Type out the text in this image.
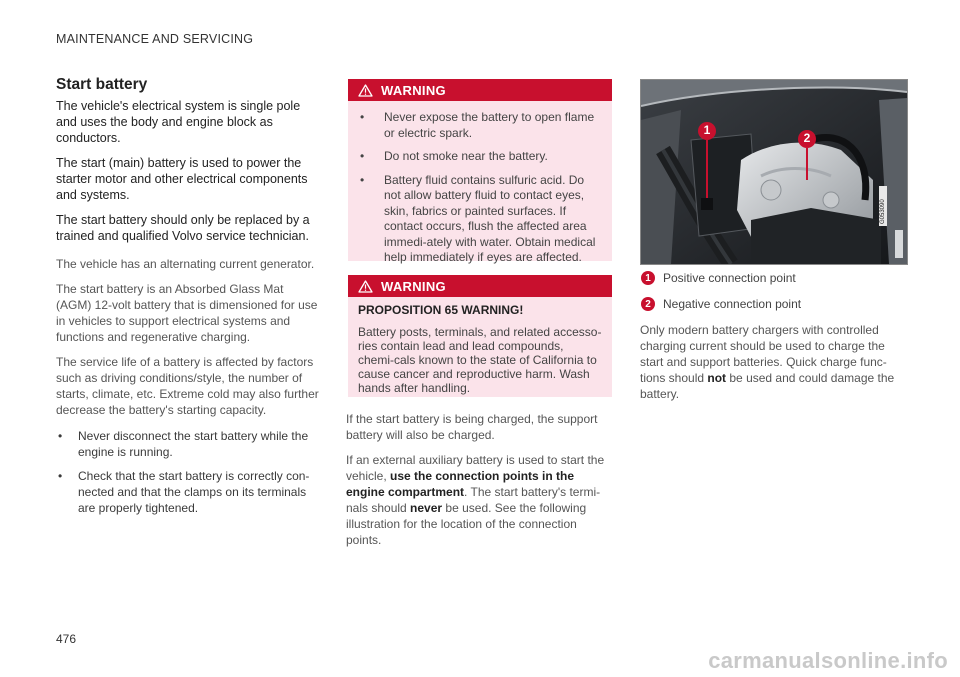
MAINTENANCE AND SERVICING
Start battery

The vehicle's electrical system is single pole and uses the body and engine block as conductors.

The start (main) battery is used to power the starter motor and other electrical components and systems.

The start battery should only be replaced by a trained and qualified Volvo service technician.

The vehicle has an alternating current generator.

The start battery is an Absorbed Glass Mat (AGM) 12-volt battery that is dimensioned for use in vehicles to support electrical systems and functions and regenerative charging.

The service life of a battery is affected by factors such as driving conditions/style, the number of starts, climate, etc. Extreme cold may also further decrease the battery's starting capacity.

• Never disconnect the start battery while the engine is running.
• Check that the start battery is correctly con-nected and that the clamps on its terminals are properly tightened.
WARNING
• Never expose the battery to open flame or electric spark.
• Do not smoke near the battery.
• Battery fluid contains sulfuric acid. Do not allow battery fluid to contact eyes, skin, fabrics or painted surfaces. If contact occurs, flush the affected area immedi-ately with water. Obtain medical help immediately if eyes are affected.
WARNING
PROPOSITION 65 WARNING!
Battery posts, terminals, and related accesso-ries contain lead and lead compounds, chemi-cals known to the state of California to cause cancer and reproductive harm. Wash hands after handling.

If the start battery is being charged, the support battery will also be charged.

If an external auxiliary battery is used to start the vehicle, use the connection points in the engine compartment. The start battery's termi-nals should never be used. See the following illustration for the location of the connection points.

1
2
G053090
1	Positive connection point
2	Negative connection point

Only modern battery chargers with controlled charging current should be used to charge the start and support batteries. Quick charge func-tions should not be used and could damage the battery.

476
carmanualsonline.info
